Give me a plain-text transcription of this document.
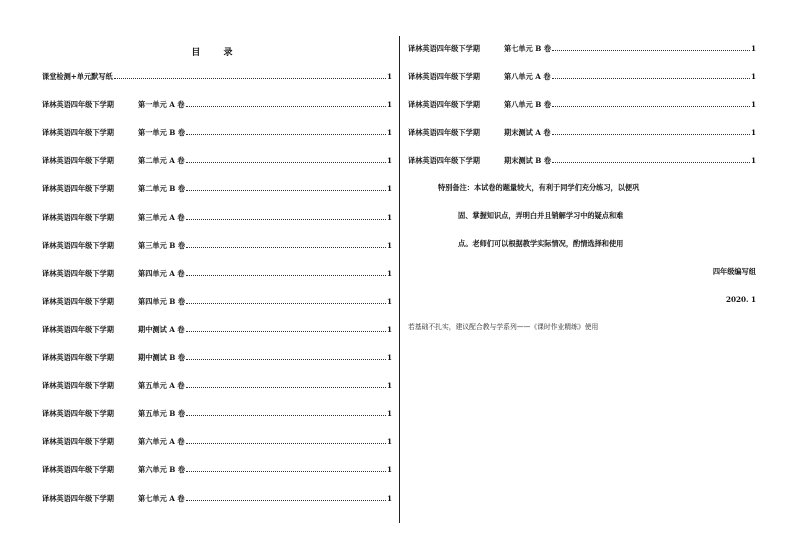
目 录
课堂检测+单元默写纸	1
译林英语四年级下学期	第一单元 A 卷	1
译林英语四年级下学期	第一单元 B 卷	1
译林英语四年级下学期	第二单元 A 卷	1
译林英语四年级下学期	第二单元 B 卷	1
译林英语四年级下学期	第三单元 A 卷	1
译林英语四年级下学期	第三单元 B 卷	1
译林英语四年级下学期	第四单元 A 卷	1
译林英语四年级下学期	第四单元 B 卷	1
译林英语四年级下学期	期中测试 A 卷	1
译林英语四年级下学期	期中测试 B 卷	1
译林英语四年级下学期	第五单元 A 卷	1
译林英语四年级下学期	第五单元 B 卷	1
译林英语四年级下学期	第六单元 A 卷	1
译林英语四年级下学期	第六单元 B 卷	1
译林英语四年级下学期	第七单元 A 卷	1
特别备注：本试卷的题量较大，有利于同学们充分练习，以便巩
固、掌握知识点，弄明白并且销解学习中的疑点和难
点。老师们可以根据教学实际情况，酌情选择和使用
四年级编写组
2020. 1
若基础不扎实，建议配合教与学系列——《课时作业精练》使用
译林英语四年级下学期	第七单元 B 卷	1
译林英语四年级下学期	第八单元 A 卷	1
译林英语四年级下学期	第八单元 B 卷	1
译林英语四年级下学期	期末测试 A 卷	1
译林英语四年级下学期	期末测试 B 卷	1
